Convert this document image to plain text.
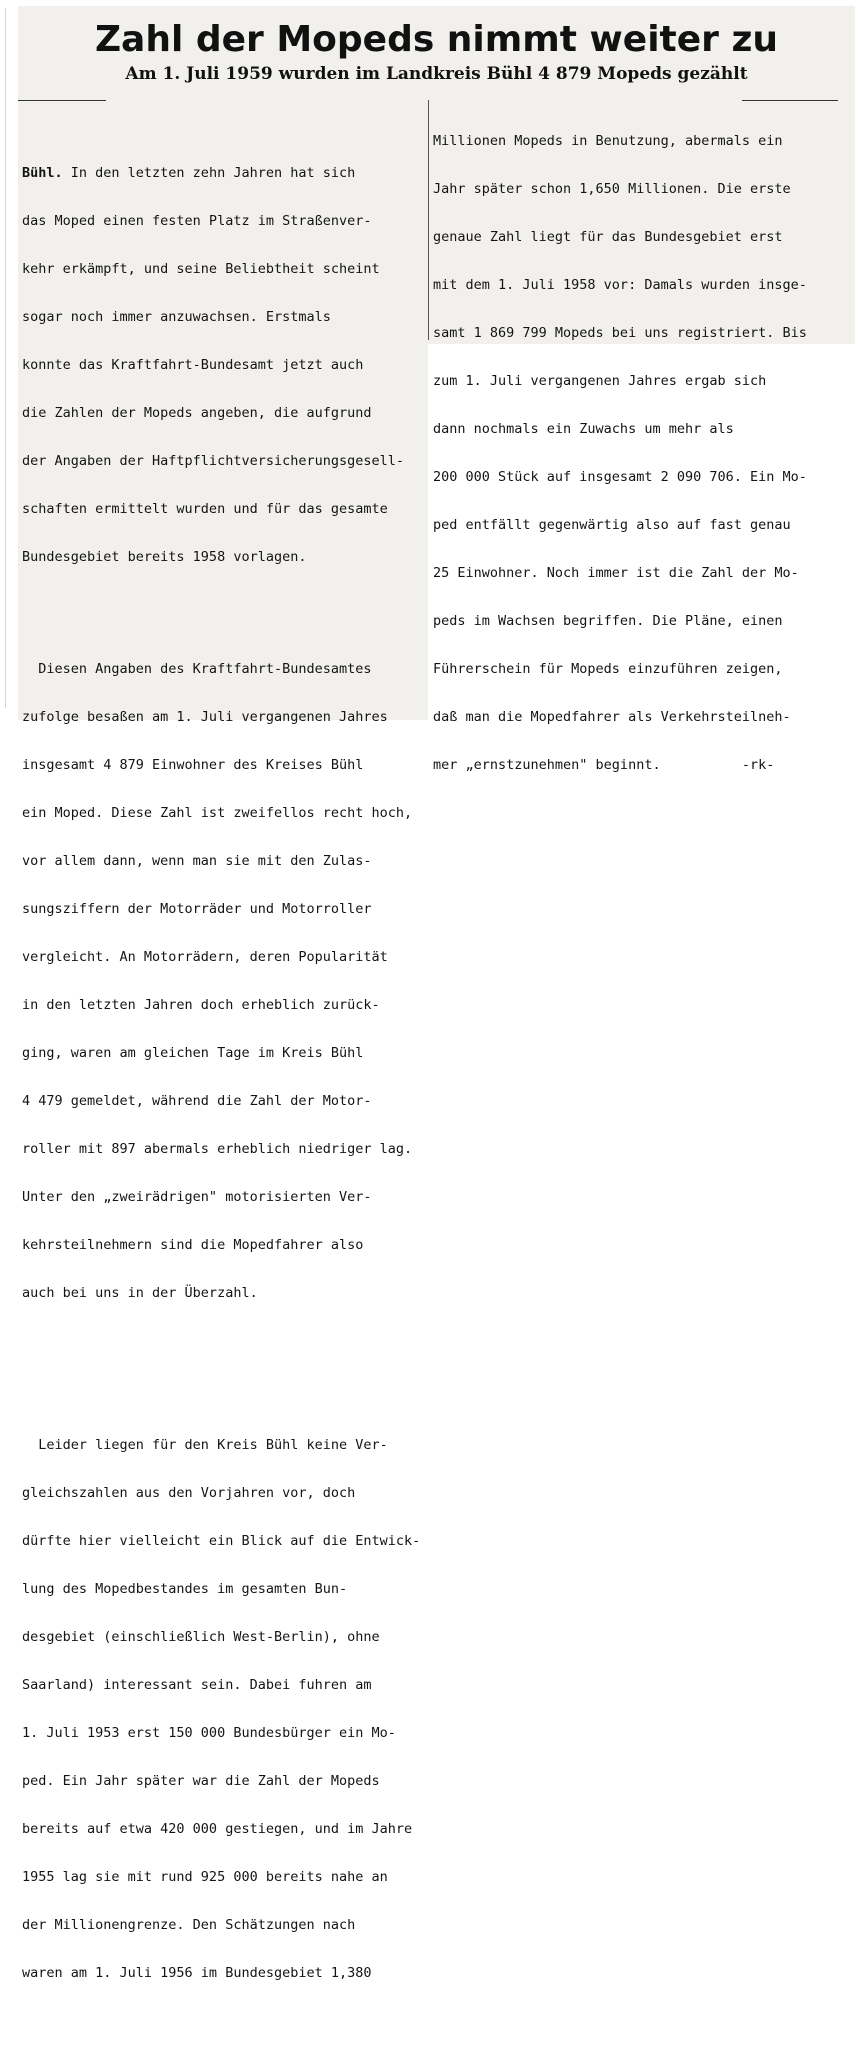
Zahl der Mopeds nimmt weiter zu
Am 1. Juli 1959 wurden im Landkreis Bühl 4 879 Mopeds gezählt

Bühl. In den letzten zehn Jahren hat sich

das Moped einen festen Platz im Straßenver-

kehr erkämpft, und seine Beliebtheit scheint

sogar noch immer anzuwachsen. Erstmals

konnte das Kraftfahrt-Bundesamt jetzt auch

die Zahlen der Mopeds angeben, die aufgrund

der Angaben der Haftpflichtversicherungsgesell-

schaften ermittelt wurden und für das gesamte

Bundesgebiet bereits 1958 vorlagen.

Diesen Angaben des Kraftfahrt-Bundesamtes

zufolge besaßen am 1. Juli vergangenen Jahres

insgesamt 4 879 Einwohner des Kreises Bühl

ein Moped. Diese Zahl ist zweifellos recht hoch,

vor allem dann, wenn man sie mit den Zulas-

sungsziffern der Motorräder und Motorroller

vergleicht. An Motorrädern, deren Popularität

in den letzten Jahren doch erheblich zurück-

ging, waren am gleichen Tage im Kreis Bühl

4 479 gemeldet, während die Zahl der Motor-

roller mit 897 abermals erheblich niedriger lag.

Unter den „zweirädrigen" motorisierten Ver-

kehrsteilnehmern sind die Mopedfahrer also

auch bei uns in der Überzahl.

Leider liegen für den Kreis Bühl keine Ver-

gleichszahlen aus den Vorjahren vor, doch

dürfte hier vielleicht ein Blick auf die Entwick-

lung des Mopedbestandes im gesamten Bun-

desgebiet (einschließlich West-Berlin), ohne

Saarland) interessant sein. Dabei fuhren am

1. Juli 1953 erst 150 000 Bundesbürger ein Mo-

ped. Ein Jahr später war die Zahl der Mopeds

bereits auf etwa 420 000 gestiegen, und im Jahre

1955 lag sie mit rund 925 000 bereits nahe an

der Millionengrenze. Den Schätzungen nach

waren am 1. Juli 1956 im Bundesgebiet 1,380

Millionen Mopeds in Benutzung, abermals ein

Jahr später schon 1,650 Millionen. Die erste

genaue Zahl liegt für das Bundesgebiet erst

mit dem 1. Juli 1958 vor: Damals wurden insge-

samt 1 869 799 Mopeds bei uns registriert. Bis

zum 1. Juli vergangenen Jahres ergab sich

dann nochmals ein Zuwachs um mehr als

200 000 Stück auf insgesamt 2 090 706. Ein Mo-

ped entfällt gegenwärtig also auf fast genau

25 Einwohner. Noch immer ist die Zahl der Mo-

peds im Wachsen begriffen. Die Pläne, einen

Führerschein für Mopeds einzuführen zeigen,

daß man die Mopedfahrer als Verkehrsteilneh-

mer „ernstzunehmen" beginnt.          -rk-
